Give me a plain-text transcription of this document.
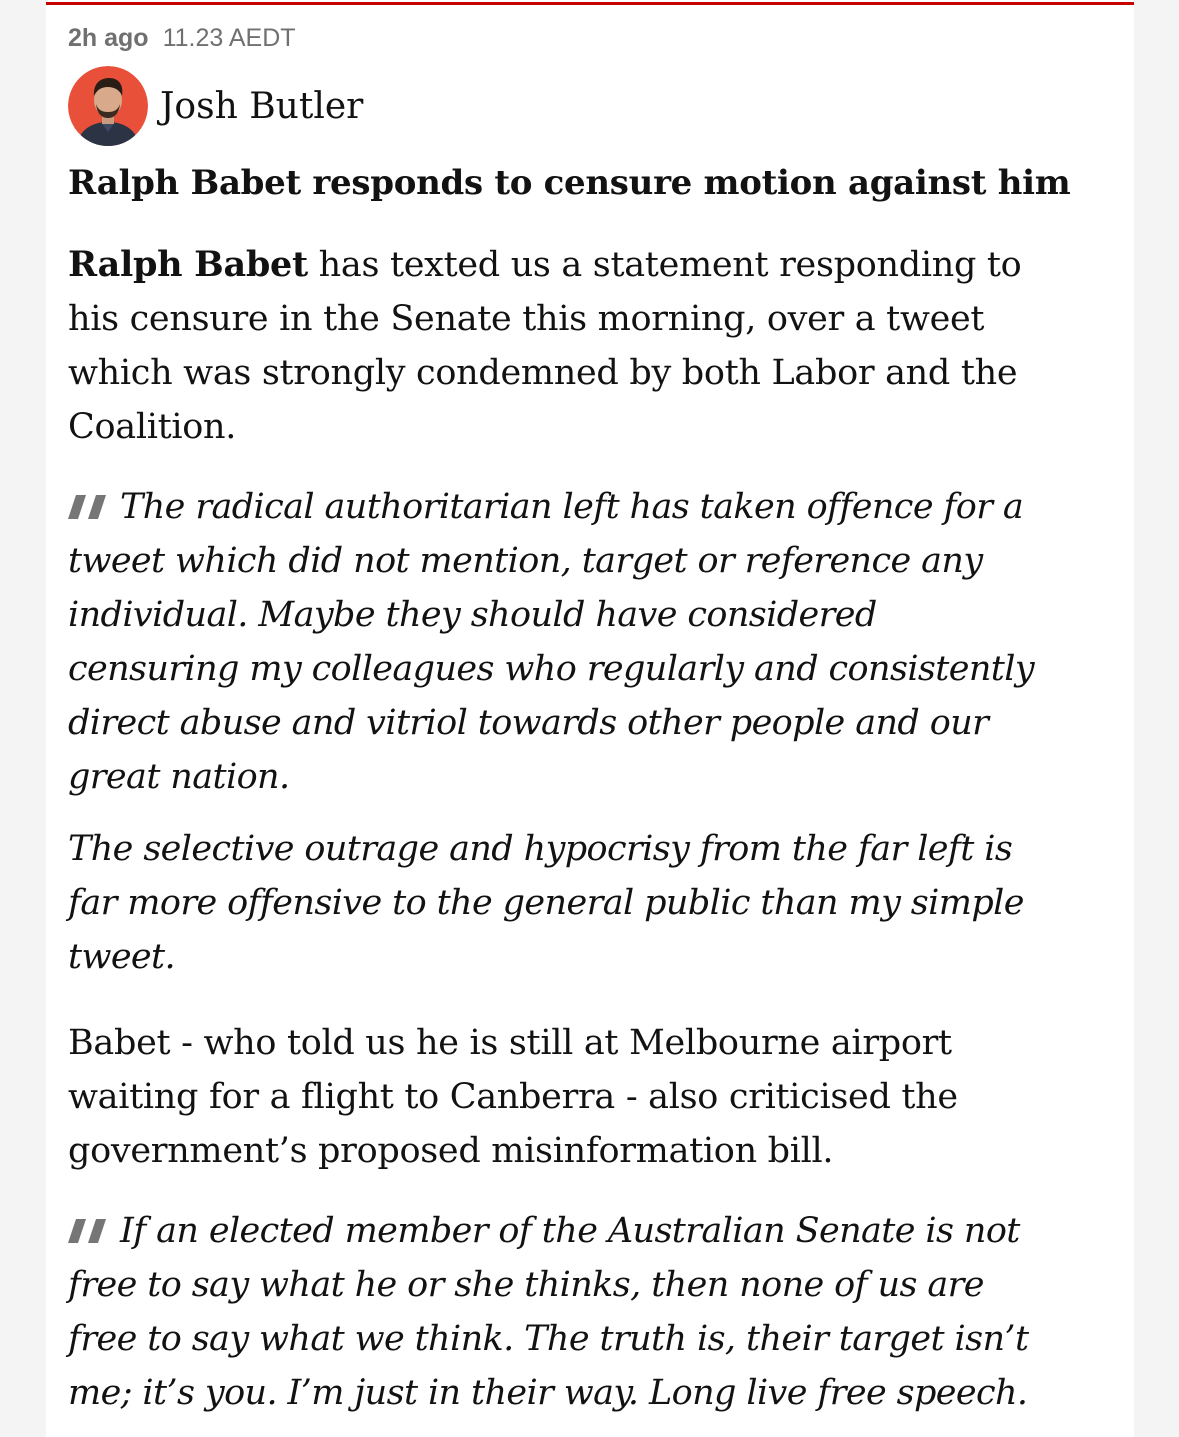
2h ago 11.23 AEDT
Josh Butler
Ralph Babet responds to censure motion against him
Ralph Babet has texted us a statement responding to
his censure in the Senate this morning, over a tweet
which was strongly condemned by both Labor and the
Coalition.
The radical authoritarian left has taken offence for a
tweet which did not mention, target or reference any
individual. Maybe they should have considered
censuring my colleagues who regularly and consistently
direct abuse and vitriol towards other people and our
great nation.
The selective outrage and hypocrisy from the far left is
far more offensive to the general public than my simple
tweet.
Babet - who told us he is still at Melbourne airport
waiting for a flight to Canberra - also criticised the
government’s proposed misinformation bill.
If an elected member of the Australian Senate is not
free to say what he or she thinks, then none of us are
free to say what we think. The truth is, their target isn’t
me; it’s you. I’m just in their way. Long live free speech.
